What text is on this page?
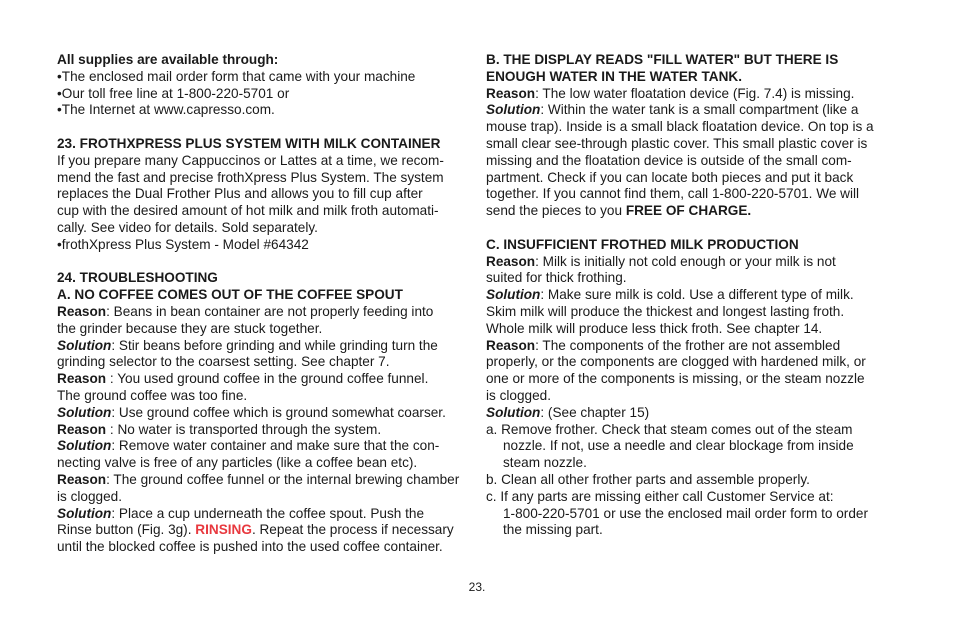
All supplies are available through:

• The enclosed mail order form that came with your machine

• Our toll free line at 1-800-220-5701 or

• The Internet at www.capresso.com.

23. FROTHXPRESS PLUS SYSTEM WITH MILK CONTAINER

If you prepare many Cappuccinos or Lattes at a time, we recom-

mend the fast and precise frothXpress Plus System. The system

replaces the Dual Frother Plus and allows you to fill cup after

cup with the desired amount of hot milk and milk froth automati-

cally. See video for details. Sold separately.

• frothXpress Plus System - Model #64342

24. TROUBLESHOOTING

A. NO COFFEE COMES OUT OF THE COFFEE SPOUT

Reason: Beans in bean container are not properly feeding into

the grinder because they are stuck together.

Solution: Stir beans before grinding and while grinding turn the

grinding selector to the coarsest setting. See chapter 7.

Reason : You used ground coffee in the ground coffee funnel.

The ground coffee was too fine.

Solution: Use ground coffee which is ground somewhat coarser.

Reason : No water is transported through the system.

Solution: Remove water container and make sure that the con-

necting valve is free of any particles (like a coffee bean etc).

Reason: The ground coffee funnel or the internal brewing chamber

is clogged.

Solution: Place a cup underneath the coffee spout. Push the

Rinse button (Fig. 3g). RINSING. Repeat the process if necessary

until the blocked coffee is pushed into the used coffee container.

B. THE DISPLAY READS "FILL WATER" BUT THERE IS

ENOUGH WATER IN THE WATER TANK.

Reason: The low water floatation device (Fig. 7.4) is missing.

Solution: Within the water tank is a small compartment (like a

mouse trap). Inside is a small black floatation device. On top is a

small clear see-through plastic cover. This small plastic cover is

missing and the floatation device is outside of the small com-

partment. Check if you can locate both pieces and put it back

together. If you cannot find them, call 1-800-220-5701. We will

send the pieces to you FREE OF CHARGE.

C. INSUFFICIENT FROTHED MILK PRODUCTION

Reason: Milk is initially not cold enough or your milk is not

suited for thick frothing.

Solution: Make sure milk is cold. Use a different type of milk.

Skim milk will produce the thickest and longest lasting froth.

Whole milk will produce less thick froth. See chapter 14.

Reason: The components of the frother are not assembled

properly, or the components are clogged with hardened milk, or

one or more of the components is missing, or the steam nozzle

is clogged.

Solution: (See chapter 15)

a. Remove frother. Check that steam comes out of the steam

nozzle. If not, use a needle and clear blockage from inside

steam nozzle.

b. Clean all other frother parts and assemble properly.

c. If any parts are missing either call Customer Service at:

1-800-220-5701 or use the enclosed mail order form to order

the missing part.

23.
